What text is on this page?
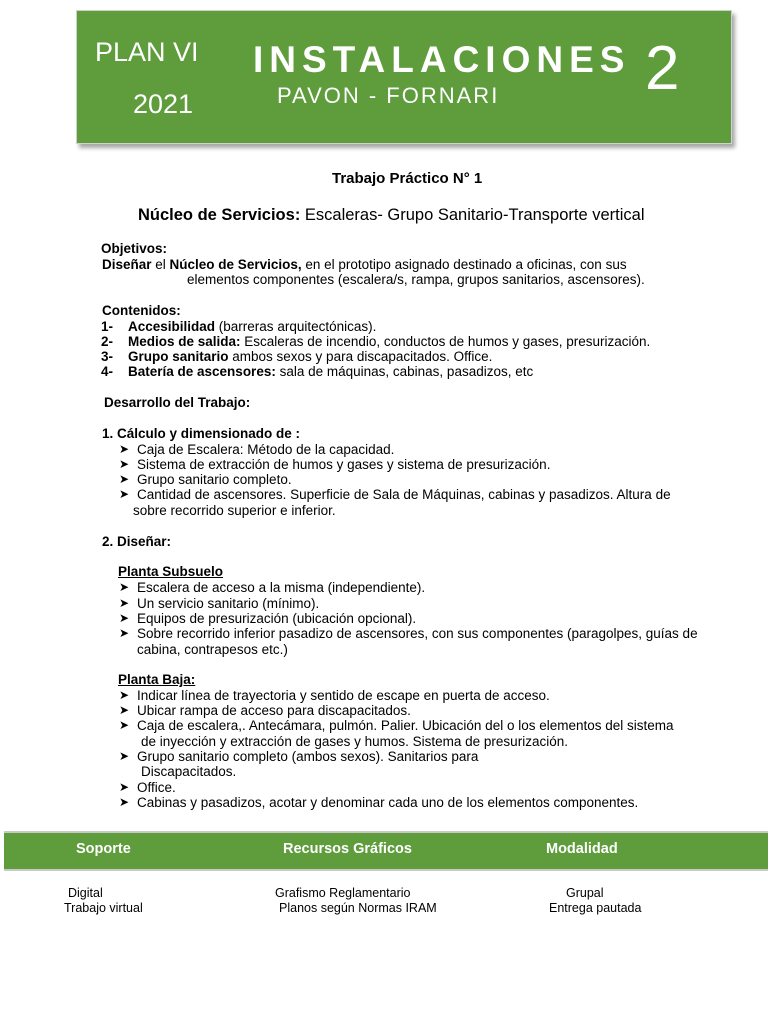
PLAN VI
2021
INSTALACIONES
PAVON - FORNARI 2
Trabajo Práctico N° 1
Núcleo de Servicios: Escaleras- Grupo Sanitario-Transporte vertical
Objetivos:
Diseñar el Núcleo de Servicios, en el prototipo asignado destinado a oficinas, con sus
elementos componentes (escalera/s, rampa, grupos sanitarios, ascensores).
Contenidos:
1- Accesibilidad (barreras arquitectónicas).
2- Medios de salida: Escaleras de incendio, conductos de humos y gases, presurización.
3- Grupo sanitario ambos sexos y para discapacitados. Office.
4- Batería de ascensores: sala de máquinas, cabinas, pasadizos, etc
Desarrollo del Trabajo:
1. Cálculo y dimensionado de :
➤ Caja de Escalera: Método de la capacidad.
➤ Sistema de extracción de humos y gases y sistema de presurización.
➤ Grupo sanitario completo.
➤ Cantidad de ascensores. Superficie de Sala de Máquinas, cabinas y pasadizos. Altura de
sobre recorrido superior e inferior.
2. Diseñar:
Planta Subsuelo
➤ Escalera de acceso a la misma (independiente).
➤ Un servicio sanitario (mínimo).
➤ Equipos de presurización (ubicación opcional).
➤ Sobre recorrido inferior pasadizo de ascensores, con sus componentes (paragolpes, guías de
cabina, contrapesos etc.)
Planta Baja:
➤ Indicar línea de trayectoria y sentido de escape en puerta de acceso.
➤ Ubicar rampa de acceso para discapacitados.
➤ Caja de escalera,. Antecámara, pulmón. Palier. Ubicación del o los elementos del sistema
de inyección y extracción de gases y humos. Sistema de presurización.
➤ Grupo sanitario completo (ambos sexos). Sanitarios para
Discapacitados.
➤ Office.
➤ Cabinas y pasadizos, acotar y denominar cada uno de los elementos componentes.
Soporte	Recursos Gráficos	Modalidad
Digital
Trabajo virtual
Grafismo Reglamentario
Planos según Normas IRAM
Grupal
Entrega pautada
